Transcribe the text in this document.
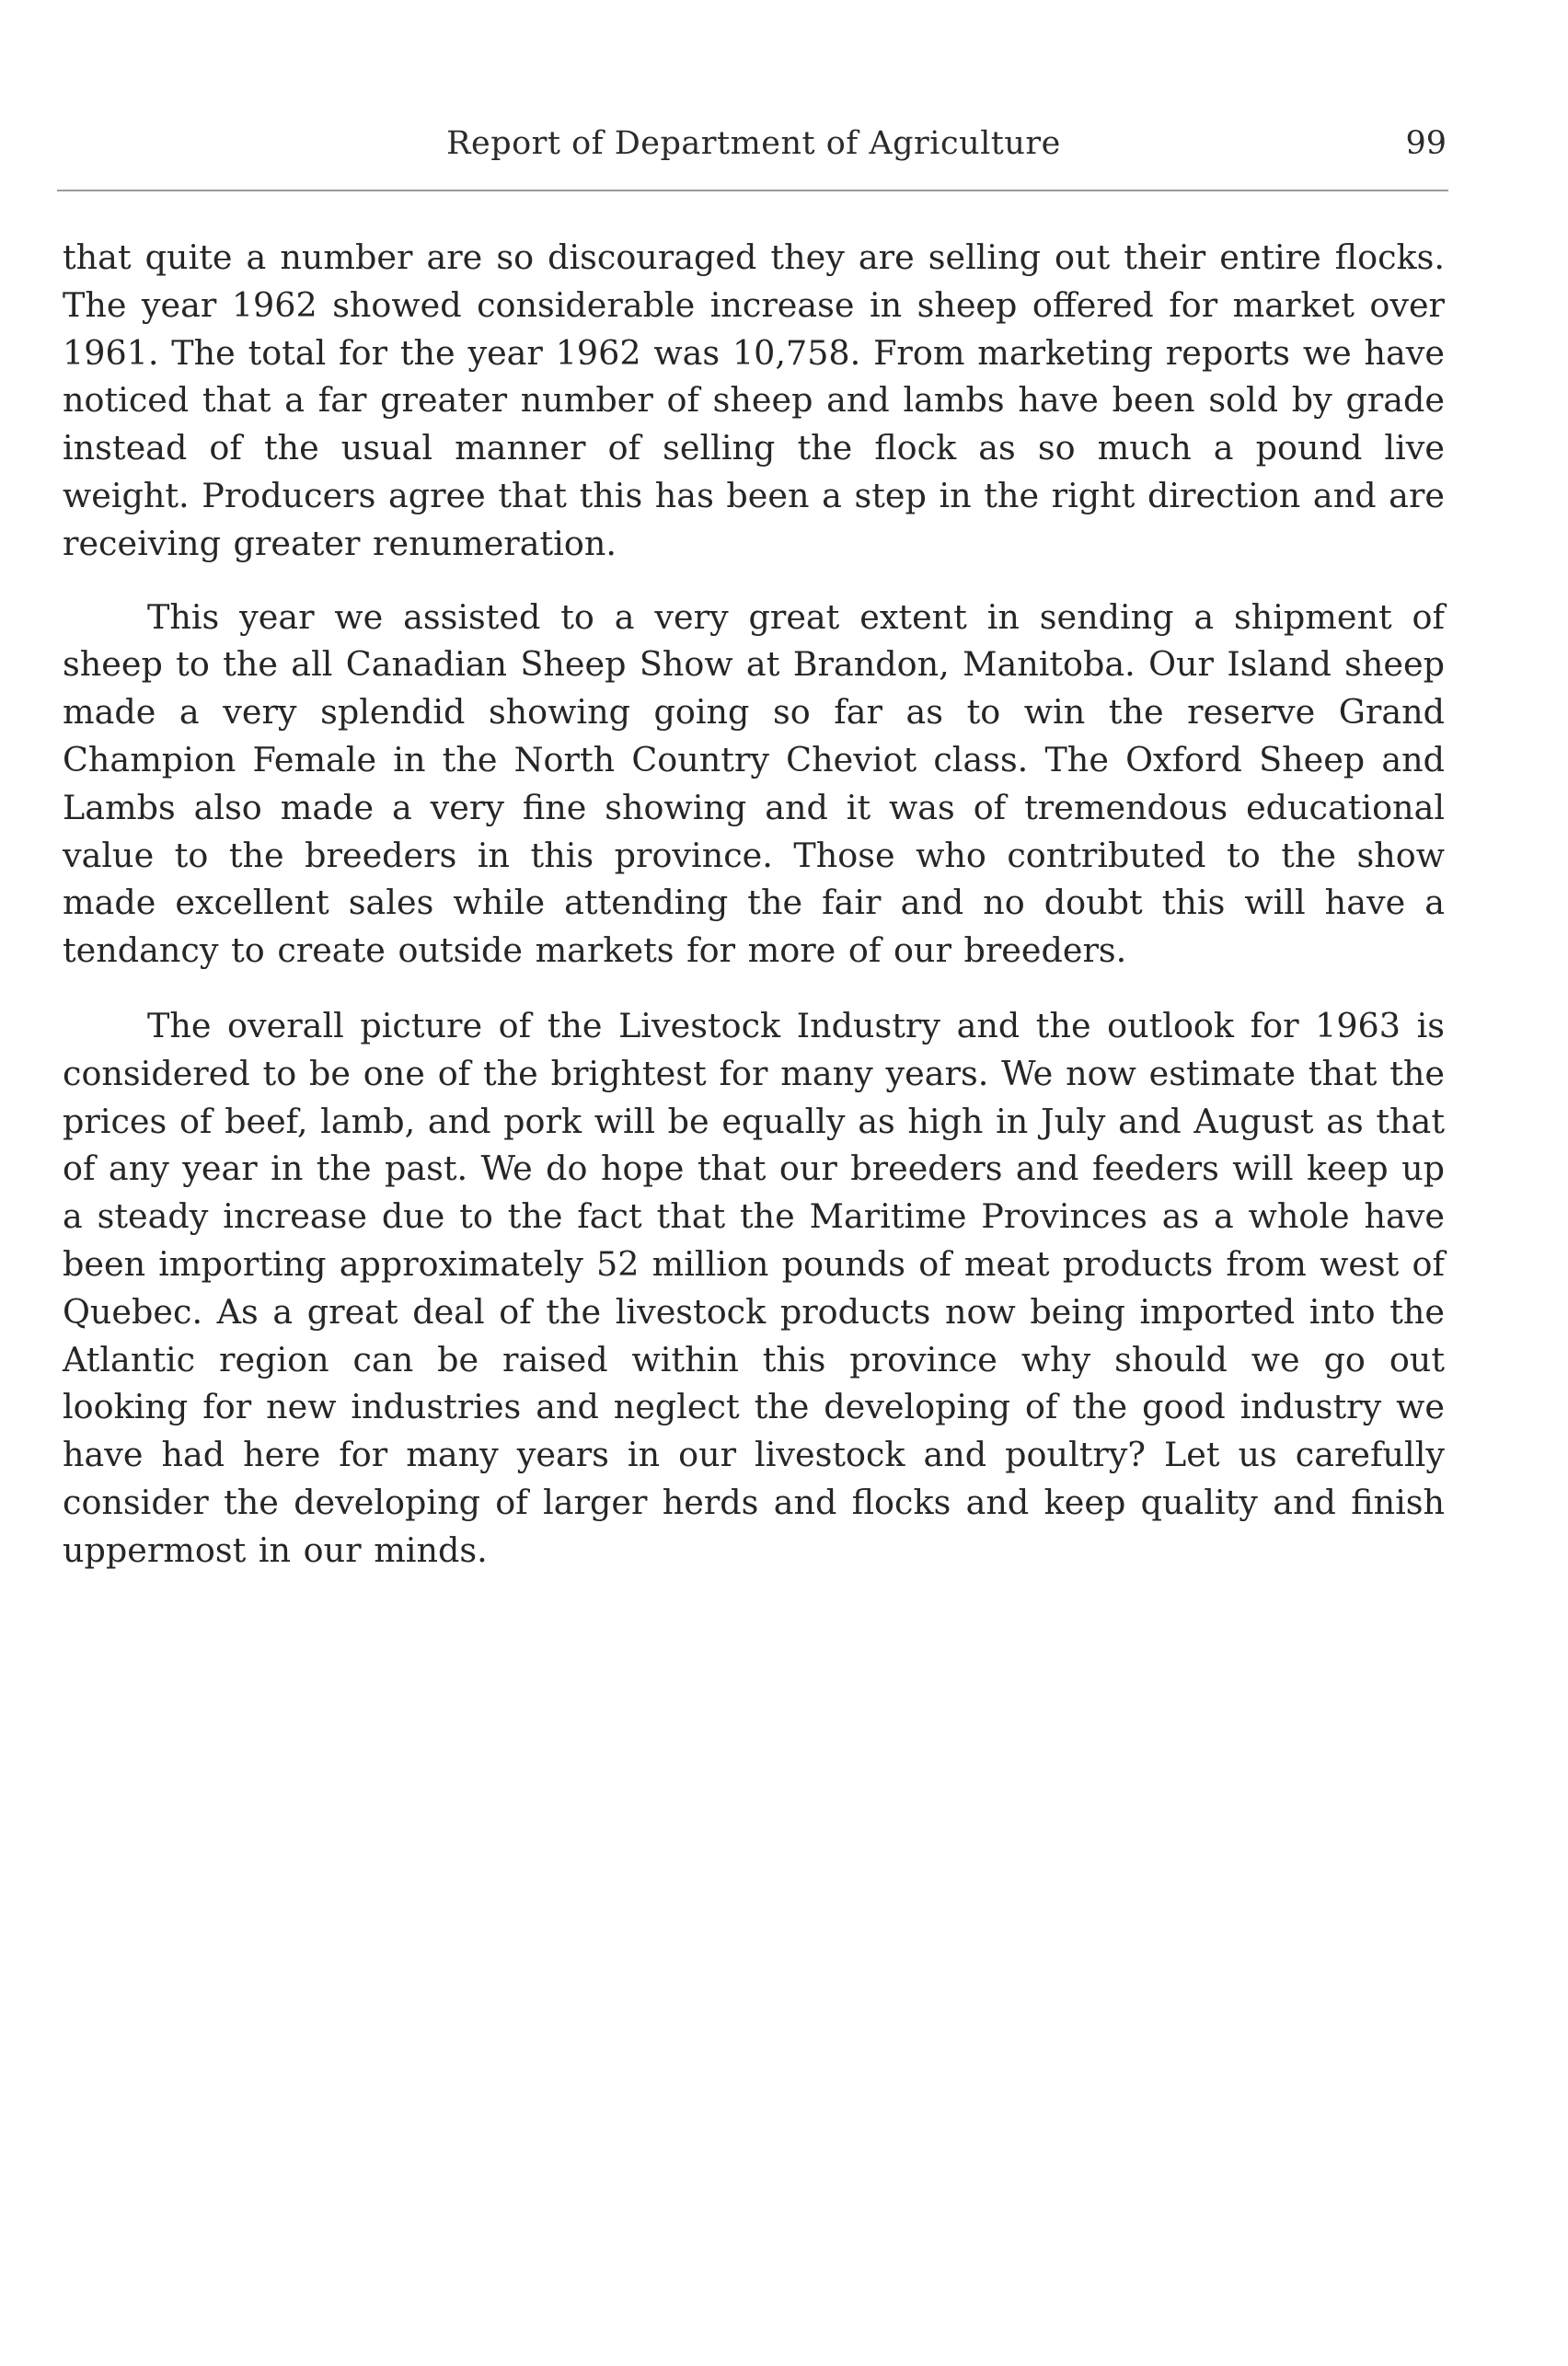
Report of Department of Agriculture	99

that quite a number are so discouraged they are selling out their entire flocks. The year 1962 showed considerable increase in sheep offered for market over 1961. The total for the year 1962 was 10,758. From marketing reports we have noticed that a far greater number of sheep and lambs have been sold by grade instead of the usual manner of selling the flock as so much a pound live weight. Producers agree that this has been a step in the right direction and are receiving greater renumeration.

This year we assisted to a very great extent in sending a shipment of sheep to the all Canadian Sheep Show at Brandon, Manitoba. Our Island sheep made a very splendid showing going so far as to win the reserve Grand Champion Female in the North Country Cheviot class. The Oxford Sheep and Lambs also made a very fine showing and it was of tremendous educational value to the breeders in this province. Those who contributed to the show made excellent sales while attending the fair and no doubt this will have a tendancy to create outside markets for more of our breeders.

The overall picture of the Livestock Industry and the outlook for 1963 is considered to be one of the brightest for many years. We now estimate that the prices of beef, lamb, and pork will be equally as high in July and August as that of any year in the past. We do hope that our breeders and feeders will keep up a steady increase due to the fact that the Maritime Provinces as a whole have been importing approximately 52 million pounds of meat products from west of Quebec. As a great deal of the livestock products now being imported into the Atlantic region can be raised within this province why should we go out looking for new industries and neglect the developing of the good industry we have had here for many years in our livestock and poultry? Let us carefully consider the developing of larger herds and flocks and keep quality and finish uppermost in our minds.
